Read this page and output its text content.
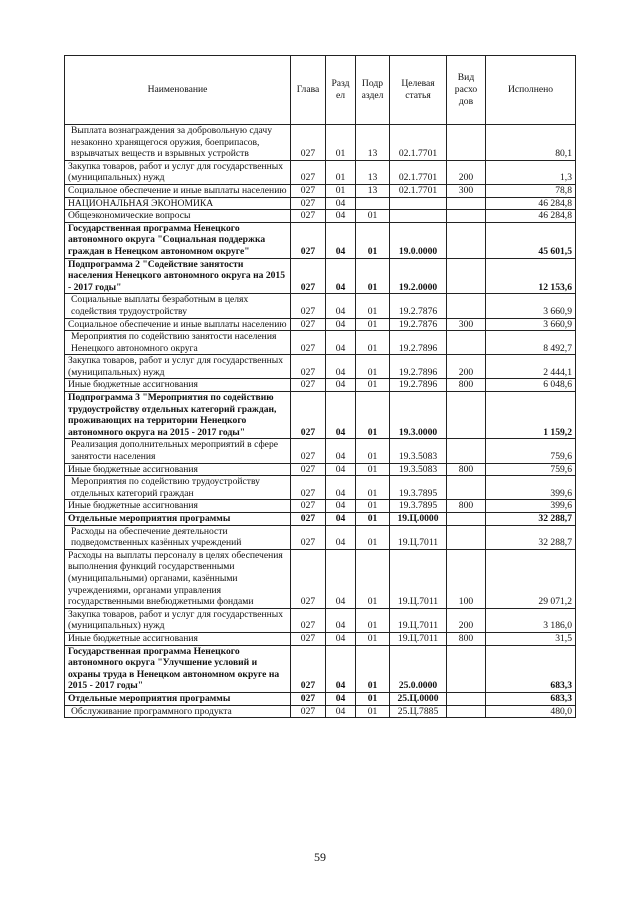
Наименование	Глава	Разд ел	Подр аздел	Целевая статья	Вид расхо дов	Исполнено
Выплата вознаграждения за добровольную сдачу незаконно хранящегося оружия, боеприпасов, взрывчатых веществ и взрывных устройств	027	01	13	02.1.7701		80,1
Закупка товаров, работ и услуг для государственных (муниципальных) нужд	027	01	13	02.1.7701	200	1,3
Социальное обеспечение и иные выплаты населению	027	01	13	02.1.7701	300	78,8
НАЦИОНАЛЬНАЯ ЭКОНОМИКА	027	04				46 284,8
Общеэкономические вопросы	027	04	01			46 284,8
Государственная программа Ненецкого автономного округа "Социальная поддержка граждан в Ненецком автономном округе"	027	04	01	19.0.0000		45 601,5
Подпрограмма 2 "Содействие занятости населения Ненецкого автономного округа на 2015 - 2017 годы"	027	04	01	19.2.0000		12 153,6
Социальные выплаты безработным в целях содействия трудоустройству	027	04	01	19.2.7876		3 660,9
Социальное обеспечение и иные выплаты населению	027	04	01	19.2.7876	300	3 660,9
Мероприятия по содействию занятости населения Ненецкого автономного округа	027	04	01	19.2.7896		8 492,7
Закупка товаров, работ и услуг для государственных (муниципальных) нужд	027	04	01	19.2.7896	200	2 444,1
Иные бюджетные ассигнования	027	04	01	19.2.7896	800	6 048,6
Подпрограмма 3 "Мероприятия по содействию трудоустройству отдельных категорий граждан, проживающих на территории Ненецкого автономного округа на 2015 - 2017 годы"	027	04	01	19.3.0000		1 159,2
Реализация дополнительных мероприятий в сфере занятости населения	027	04	01	19.3.5083		759,6
Иные бюджетные ассигнования	027	04	01	19.3.5083	800	759,6
Мероприятия по содействию трудоустройству отдельных категорий граждан	027	04	01	19.3.7895		399,6
Иные бюджетные ассигнования	027	04	01	19.3.7895	800	399,6
Отдельные мероприятия программы	027	04	01	19.Ц.0000		32 288,7
Расходы на обеспечение деятельности подведомственных казённых учреждений	027	04	01	19.Ц.7011		32 288,7
Расходы на выплаты персоналу в целях обеспечения выполнения функций государственными (муниципальными) органами, казёнными учреждениями, органами управления государственными внебюджетными фондами	027	04	01	19.Ц.7011	100	29 071,2
Закупка товаров, работ и услуг для государственных (муниципальных) нужд	027	04	01	19.Ц.7011	200	3 186,0
Иные бюджетные ассигнования	027	04	01	19.Ц.7011	800	31,5
Государственная программа Ненецкого автономного округа "Улучшение условий и охраны труда в Ненецком автономном округе на 2015 - 2017 годы"	027	04	01	25.0.0000		683,3
Отдельные мероприятия программы	027	04	01	25.Ц.0000		683,3
Обслуживание программного продукта	027	04	01	25.Ц.7885		480,0
59
